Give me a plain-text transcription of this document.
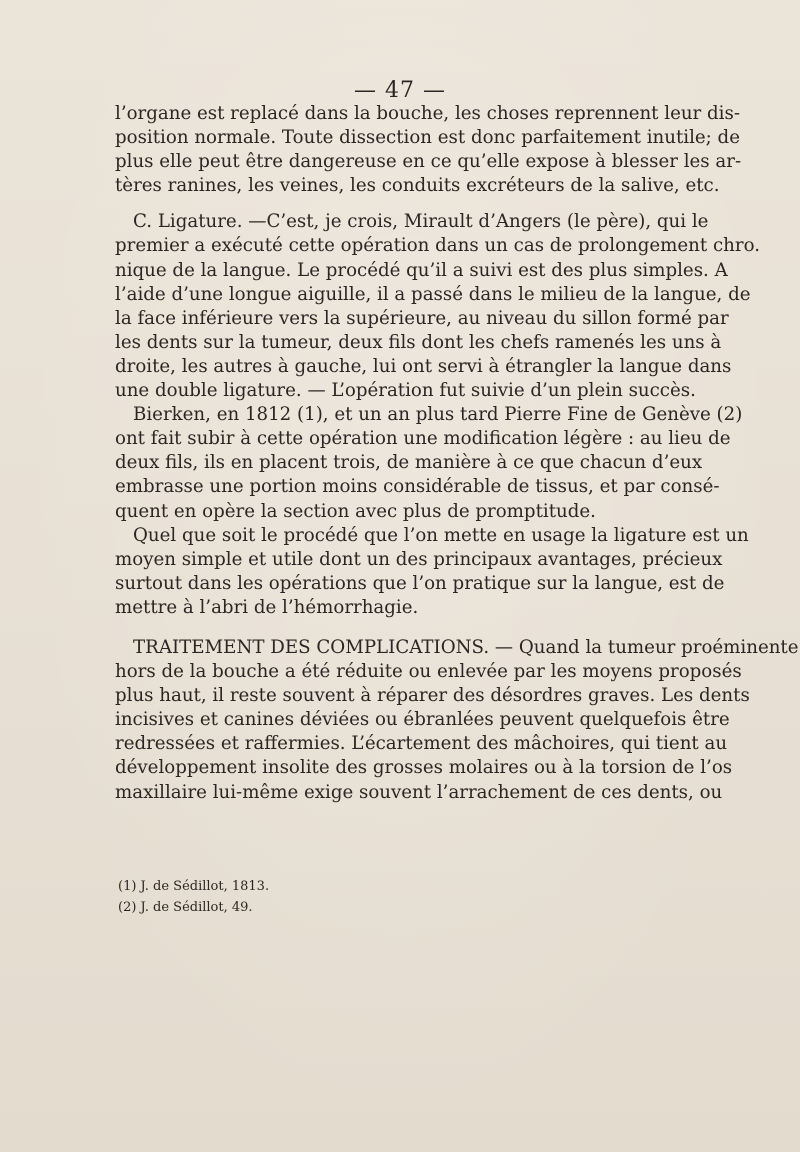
— 47 —
l’organe est replacé dans la bouche, les choses reprennent leur dis-
position normale. Toute dissection est donc parfaitement inutile; de
plus elle peut être dangereuse en ce qu’elle expose à blesser les ar-
tères ranines, les veines, les conduits excréteurs de la salive, etc.
C. Ligature. —C’est, je crois, Mirault d’Angers (le père), qui le
premier a exécuté cette opération dans un cas de prolongement chro.
nique de la langue. Le procédé qu’il a suivi est des plus simples. A
l’aide d’une longue aiguille, il a passé dans le milieu de la langue, de
la face inférieure vers la supérieure, au niveau du sillon formé par
les dents sur la tumeur, deux fils dont les chefs ramenés les uns à
droite, les autres à gauche, lui ont servi à étrangler la langue dans
une double ligature. — L’opération fut suivie d’un plein succès.
Bierken, en 1812 (1), et un an plus tard Pierre Fine de Genève (2)
ont fait subir à cette opération une modification légère : au lieu de
deux fils, ils en placent trois, de manière à ce que chacun d’eux
embrasse une portion moins considérable de tissus, et par consé-
quent en opère la section avec plus de promptitude.
Quel que soit le procédé que l’on mette en usage la ligature est un
moyen simple et utile dont un des principaux avantages, précieux
surtout dans les opérations que l’on pratique sur la langue, est de
mettre à l’abri de l’hémorrhagie.
TRAITEMENT DES COMPLICATIONS. — Quand la tumeur proéminente
hors de la bouche a été réduite ou enlevée par les moyens proposés
plus haut, il reste souvent à réparer des désordres graves. Les dents
incisives et canines déviées ou ébranlées peuvent quelquefois être
redressées et raffermies. L’écartement des mâchoires, qui tient au
développement insolite des grosses molaires ou à la torsion de l’os
maxillaire lui-même exige souvent l’arrachement de ces dents, ou
(1) J. de Sédillot, 1813.
(2) J. de Sédillot, 49.
